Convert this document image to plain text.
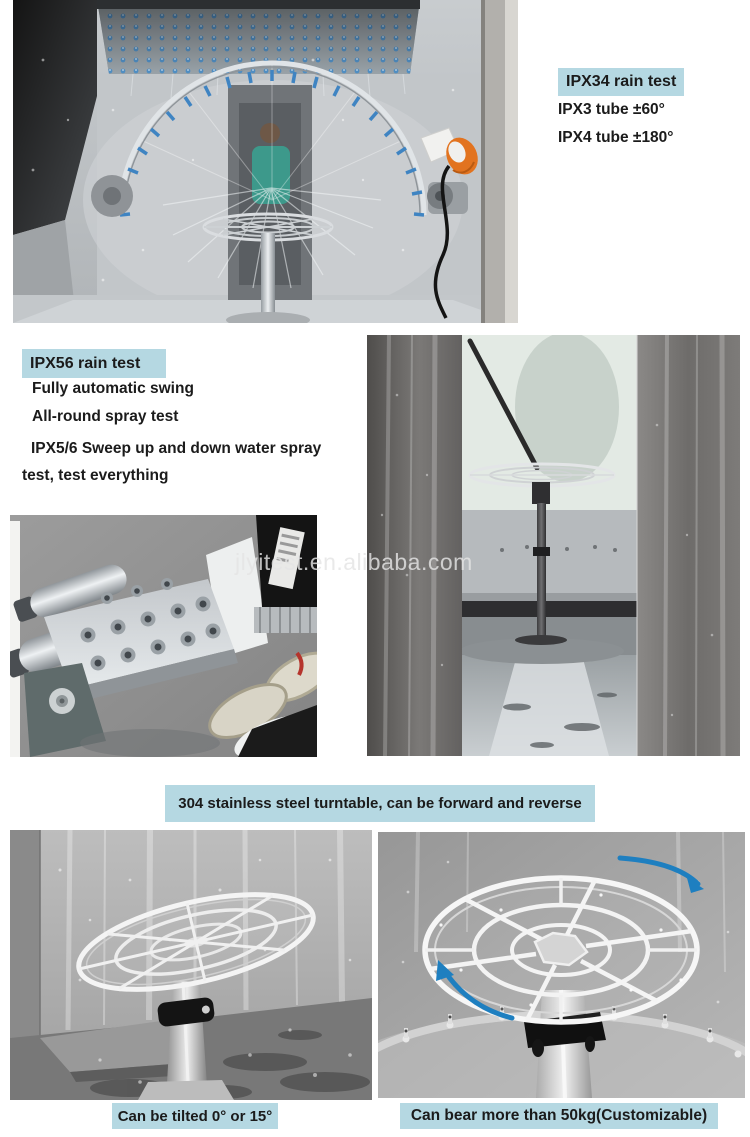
IPX34 rain test
IPX3 tube ±60°
IPX4 tube ±180°
IPX56 rain test
Fully automatic swing
All-round spray test
IPX5/6 Sweep up and down water spray
test, test everything
jlyitest.en.alibaba.com
304 stainless steel turntable, can be forward and reverse
Can be tilted 0° or 15°	Can bear more than 50kg(Customizable)
